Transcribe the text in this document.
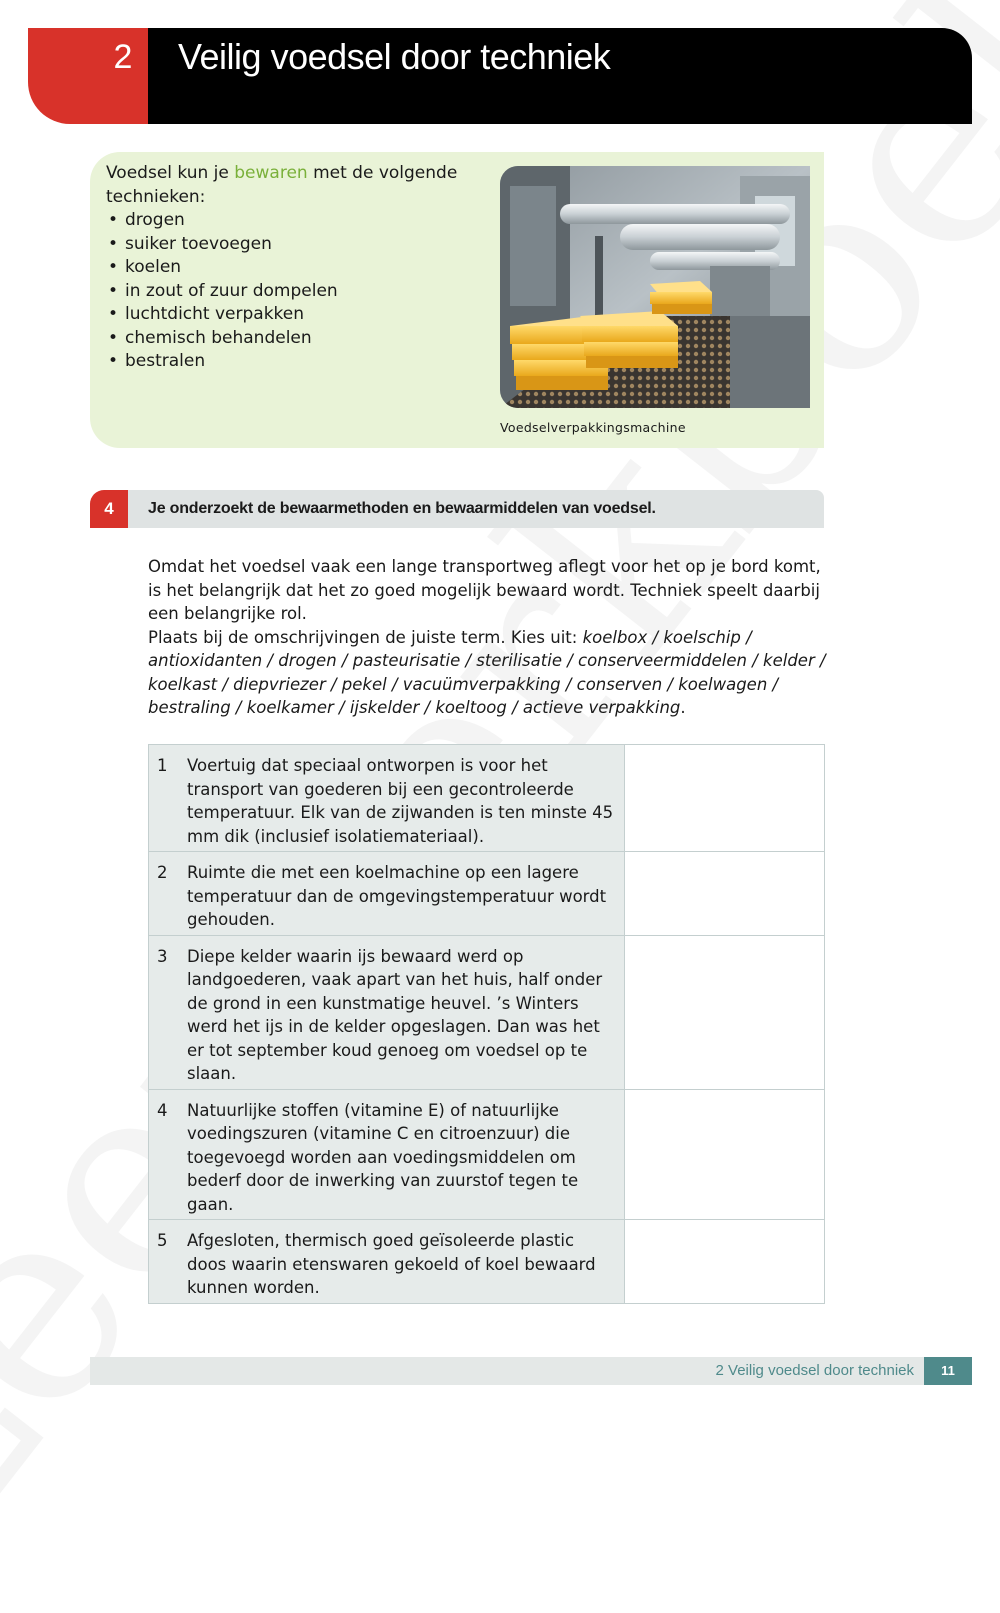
2	Veilig voedsel door techniek
Voedsel kun je bewaren met de volgende technieken:
• drogen
• suiker toevoegen
• koelen
• in zout of zuur dompelen
• luchtdicht verpakken
• chemisch behandelen
• bestralen
Voedselverpakkingsmachine
4	Je onderzoekt de bewaarmethoden en bewaarmiddelen van voedsel.

Omdat het voedsel vaak een lange transportweg aflegt voor het op je bord komt, is het belangrijk dat het zo goed mogelijk bewaard wordt. Techniek speelt daarbij een belangrijke rol.

Plaats bij de omschrijvingen de juiste term. Kies uit: koelbox / koelschip / antioxidanten / drogen / pasteurisatie / sterilisatie / conserveermiddelen / kelder / koelkast / diepvriezer / pekel / vacuümverpakking / conserven / koelwagen / bestraling / koelkamer / ijskelder / koeltoog / actieve verpakking.

1 Voertuig dat speciaal ontworpen is voor het transport van goederen bij een gecontroleerde temperatuur. Elk van de zijwanden is ten minste 45 mm dik (inclusief isolatiemateriaal).	

2 Ruimte die met een koelmachine op een lagere temperatuur dan de omgevingstemperatuur wordt gehouden.	

3 Diepe kelder waarin ijs bewaard werd op landgoederen, vaak apart van het huis, half onder de grond in een kunstmatige heuvel. ’s Winters werd het ijs in de kelder opgeslagen. Dan was het er tot september koud genoeg om voedsel op te slaan.	

4 Natuurlijke stoffen (vitamine E) of natuurlijke voedingszuren (vitamine C en citroenzuur) die toegevoegd worden aan voedingsmiddelen om bederf door de inwerking van zuurstof tegen te gaan.	

5 Afgesloten, thermisch goed geïsoleerde plastic doos waarin etenswaren gekoeld of koel bewaard kunnen worden.	

2 Veilig voedsel door techniek	11
